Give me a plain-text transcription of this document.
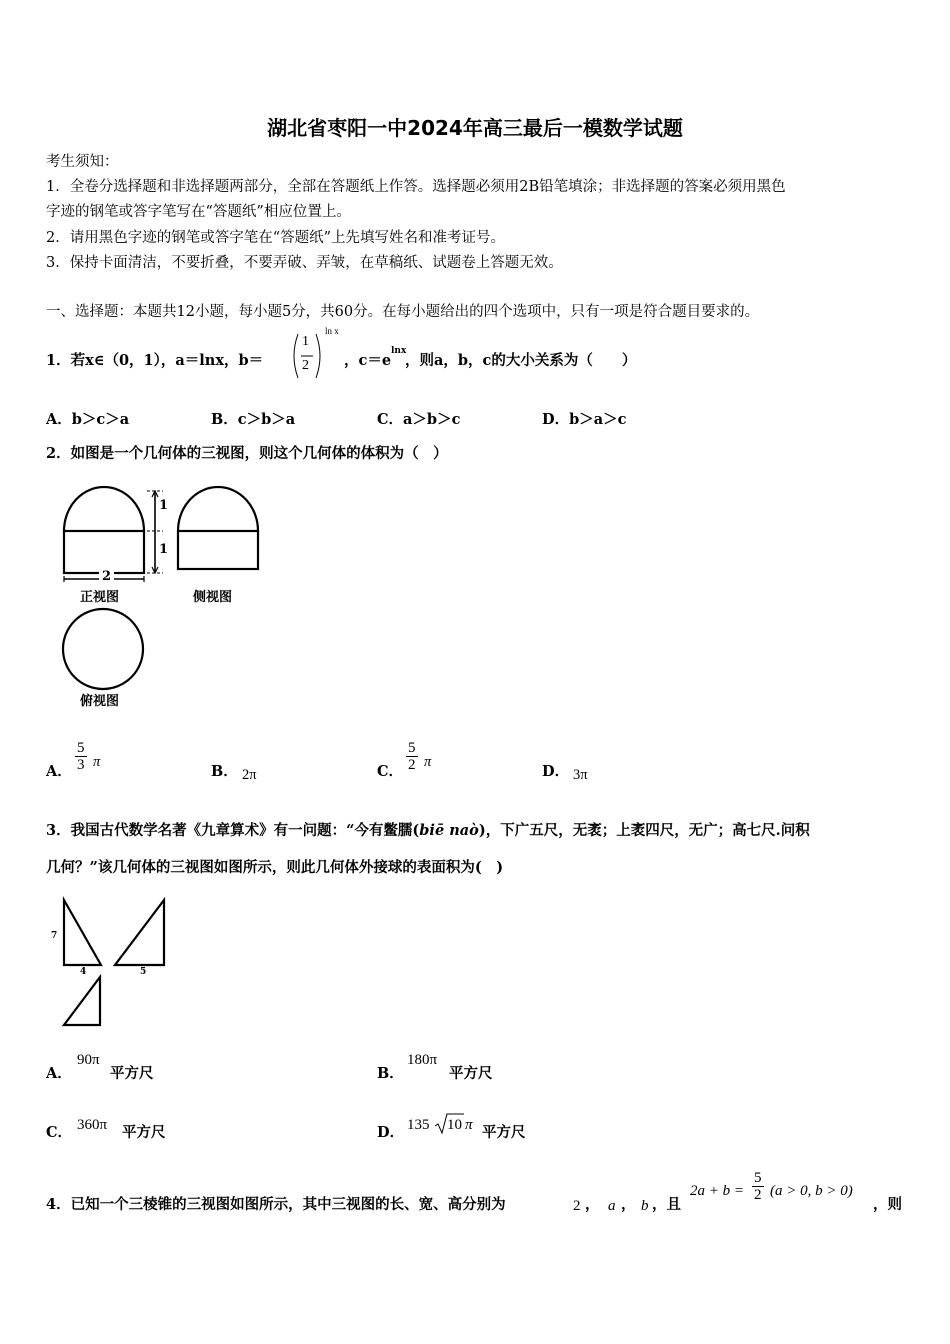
湖北省枣阳一中2024年高三最后一模数学试题
考生须知：
1．全卷分选择题和非选择题两部分，全部在答题纸上作答。选择题必须用2B铅笔填涂；非选择题的答案必须用黑色
字迹的钢笔或答字笔写在“答题纸”相应位置上。
2．请用黑色字迹的钢笔或答字笔在“答题纸”上先填写姓名和准考证号。
3．保持卡面清洁，不要折叠，不要弄破、弄皱，在草稿纸、试题卷上答题无效。
一、选择题：本题共12小题，每小题5分，共60分。在每小题给出的四个选项中，只有一项是符合题目要求的。
1．若x∈（0，1），a＝lnx，b＝
1
2
ln x
，c＝e
lnx
，则a，b，c的大小关系为（　　）
A．b＞c＞a	B．c＞b＞a	C．a＞b＞c	D．b＞a＞c
2．如图是一个几何体的三视图，则这个几何体的体积为（　）
1
1
2
正视图	侧视图
俯视图
A．
5
3 π
B． 2π	C．
5
2 π
D． 3π
3．我国古代数学名著《九章算术》有一问题：“今有鳖臑(biē naò)，下广五尺，无袤；上袤四尺，无广；高七尺.问积
几何？”该几何体的三视图如图所示，则此几何体外接球的表面积为(　)
7
4	5
A．
90π
平方尺	B．
180π
平方尺
C． 360π 平方尺	D． 135 10 π 平方尺
4．已知一个三棱锥的三视图如图所示，其中三视图的长、宽、高分别为	2 ， a ， b ，且
2a + b =
5
2 (a > 0, b > 0)
，则
